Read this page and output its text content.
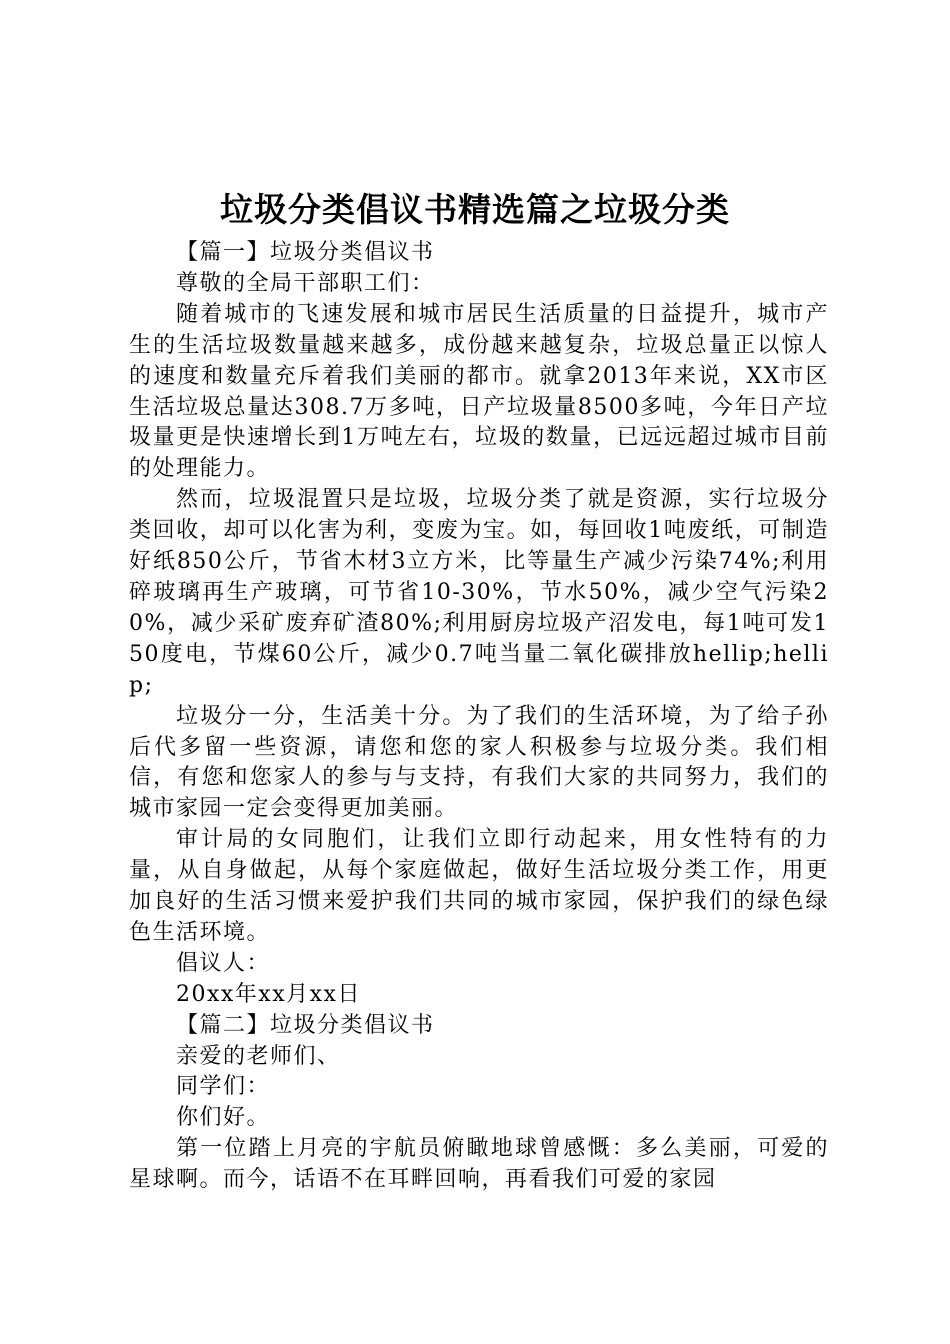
垃圾分类倡议书精选篇之垃圾分类

【篇一】垃圾分类倡议书

尊敬的全局干部职工们：

随着城市的飞速发展和城市居民生活质量的日益提升，城市产生的生活垃圾数量越来越多，成份越来越复杂，垃圾总量正以惊人的速度和数量充斥着我们美丽的都市。就拿2013年来说，XX市区生活垃圾总量达308.7万多吨，日产垃圾量8500多吨，今年日产垃圾量更是快速增长到1万吨左右，垃圾的数量，已远远超过城市目前的处理能力。

然而，垃圾混置只是垃圾，垃圾分类了就是资源，实行垃圾分类回收，却可以化害为利，变废为宝。如，每回收1吨废纸，可制造好纸850公斤，节省木材3立方米，比等量生产减少污染74%;利用碎玻璃再生产玻璃，可节省10-30%，节水50%，减少空气污染20%，减少采矿废弃矿渣80%;利用厨房垃圾产沼发电，每1吨可发150度电，节煤60公斤，减少0.7吨当量二氧化碳排放hellip;hellip;

垃圾分一分，生活美十分。为了我们的生活环境，为了给子孙后代多留一些资源，请您和您的家人积极参与垃圾分类。我们相信，有您和您家人的参与与支持，有我们大家的共同努力，我们的城市家园一定会变得更加美丽。

审计局的女同胞们，让我们立即行动起来，用女性特有的力量，从自身做起，从每个家庭做起，做好生活垃圾分类工作，用更加良好的生活习惯来爱护我们共同的城市家园，保护我们的绿色绿色生活环境。

倡议人：

20xx年xx月xx日

【篇二】垃圾分类倡议书

亲爱的老师们、

同学们：

你们好。

第一位踏上月亮的宇航员俯瞰地球曾感慨：多么美丽，可爱的星球啊。而今，话语不在耳畔回响，再看我们可爱的家园
